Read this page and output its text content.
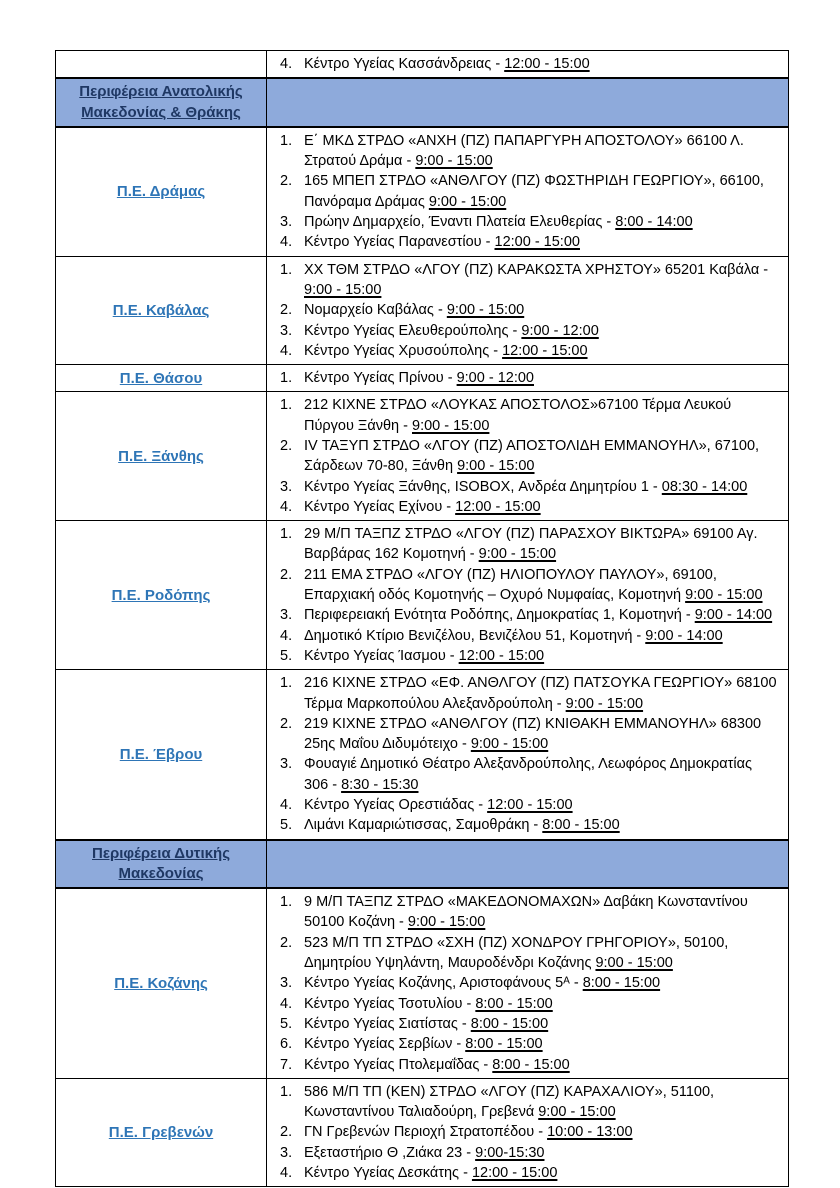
	4. Κέντρο Υγείας Κασσάνδρειας - 12:00 - 15:00

Περιφέρεια Ανατολικής Μακεδονίας & Θράκης	
Π.Ε. Δράμας	
1. Ε΄ ΜΚΔ ΣΤΡΔΟ «ΑΝΧΗ (ΠΖ) ΠΑΠΑΡΓΥΡΗ ΑΠΟΣΤΟΛΟΥ» 66100 Λ. Στρατού Δράμα - 9:00 - 15:00
2. 165 ΜΠΕΠ ΣΤΡΔΟ «ΑΝΘΛΓΟΥ (ΠΖ) ΦΩΣΤΗΡΙΔΗ ΓΕΩΡΓΙΟΥ», 66100, Πανόραμα Δράμας 9:00 - 15:00
3. Πρώην Δημαρχείο, Έναντι Πλατεία Ελευθερίας - 8:00 - 14:00
4. Κέντρο Υγείας Παρανεστίου - 12:00 - 15:00

Π.Ε. Καβάλας	
1. ΧΧ ΤΘΜ ΣΤΡΔΟ «ΛΓΟΥ (ΠΖ) ΚΑΡΑΚΩΣΤΑ ΧΡΗΣΤΟΥ» 65201 Καβάλα - 9:00 - 15:00
2. Νομαρχείο Καβάλας - 9:00 - 15:00
3. Κέντρο Υγείας Ελευθερούπολης - 9:00 - 12:00
4. Κέντρο Υγείας Χρυσούπολης - 12:00 - 15:00

Π.Ε. Θάσου	1. Κέντρο Υγείας Πρίνου - 9:00 - 12:00

Π.Ε. Ξάνθης	
1. 212 ΚΙΧΝΕ ΣΤΡΔΟ «ΛΟΥΚΑΣ ΑΠΟΣΤΟΛΟΣ»67100 Τέρμα Λευκού Πύργου Ξάνθη - 9:00 - 15:00
2. IV ΤΑΞΥΠ ΣΤΡΔΟ «ΛΓΟΥ (ΠΖ) ΑΠΟΣΤΟΛΙΔΗ ΕΜΜΑΝΟΥΗΛ», 67100, Σάρδεων 70-80, Ξάνθη 9:00 - 15:00
3. Κέντρο Υγείας Ξάνθης, ISOBOX, Ανδρέα Δημητρίου 1 - 08:30 - 14:00
4. Κέντρο Υγείας Εχίνου - 12:00 - 15:00

Π.Ε. Ροδόπης	
1. 29 Μ/Π ΤΑΞΠΖ ΣΤΡΔΟ «ΛΓΟΥ (ΠΖ) ΠΑΡΑΣΧΟΥ ΒΙΚΤΩΡΑ» 69100 Αγ. Βαρβάρας 162 Κομοτηνή - 9:00 - 15:00
2. 211 ΕΜΑ ΣΤΡΔΟ «ΛΓΟΥ (ΠΖ) ΗΛΙΟΠΟΥΛΟΥ ΠΑΥΛΟΥ», 69100, Επαρχιακή οδός Κομοτηνής – Οχυρό Νυμφαίας, Κομοτηνή 9:00 - 15:00
3. Περιφερειακή Ενότητα Ροδόπης, Δημοκρατίας 1, Κομοτηνή - 9:00 - 14:00
4. Δημοτικό Κτίριο Βενιζέλου, Βενιζέλου 51, Κομοτηνή - 9:00 - 14:00
5. Κέντρο Υγείας Ίασμου - 12:00 - 15:00

Π.Ε. Έβρου	
1. 216 ΚΙΧΝΕ ΣΤΡΔΟ «ΕΦ. ΑΝΘΛΓΟΥ (ΠΖ) ΠΑΤΣΟΥΚΑ ΓΕΩΡΓΙΟΥ» 68100 Τέρμα Μαρκοπούλου Αλεξανδρούπολη - 9:00 - 15:00
2. 219 ΚΙΧΝΕ ΣΤΡΔΟ «ΑΝΘΛΓΟΥ (ΠΖ) ΚΝΙΘΑΚΗ ΕΜΜΑΝΟΥΗΛ» 68300 25ης Μαΐου Διδυμότειχο - 9:00 - 15:00
3. Φουαγιέ Δημοτικό Θέατρο Αλεξανδρούπολης, Λεωφόρος Δημοκρατίας 306 - 8:30 - 15:30
4. Κέντρο Υγείας Ορεστιάδας - 12:00 - 15:00
5. Λιμάνι Καμαριώτισσας, Σαμοθράκη - 8:00 - 15:00

Περιφέρεια Δυτικής Μακεδονίας	
Π.Ε. Κοζάνης	
1. 9 Μ/Π ΤΑΞΠΖ ΣΤΡΔΟ «ΜΑΚΕΔΟΝΟΜΑΧΩΝ» Δαβάκη Κωνσταντίνου 50100 Κοζάνη - 9:00 - 15:00
2. 523 Μ/Π ΤΠ ΣΤΡΔΟ «ΣΧΗ (ΠΖ) ΧΟΝΔΡΟΥ ΓΡΗΓΟΡΙΟΥ», 50100, Δημητρίου Υψηλάντη, Μαυροδένδρι Κοζάνης 9:00 - 15:00
3. Κέντρο Υγείας Κοζάνης, Αριστοφάνους 5ᴬ - 8:00 - 15:00
4. Κέντρο Υγείας Τσοτυλίου - 8:00 - 15:00
5. Κέντρο Υγείας Σιατίστας - 8:00 - 15:00
6. Κέντρο Υγείας Σερβίων - 8:00 - 15:00
7. Κέντρο Υγείας Πτολεμαΐδας - 8:00 - 15:00

Π.Ε. Γρεβενών	
1. 586 Μ/Π ΤΠ (ΚΕΝ) ΣΤΡΔΟ «ΛΓΟΥ (ΠΖ) ΚΑΡΑΧΑΛΙΟΥ», 51100, Κωνσταντίνου Ταλιαδούρη, Γρεβενά 9:00 - 15:00
2. ΓΝ Γρεβενών Περιοχή Στρατοπέδου - 10:00 - 13:00
3. Εξεταστήριο Θ ,Ζιάκα 23 - 9:00-15:30
4. Κέντρο Υγείας Δεσκάτης - 12:00 - 15:00
